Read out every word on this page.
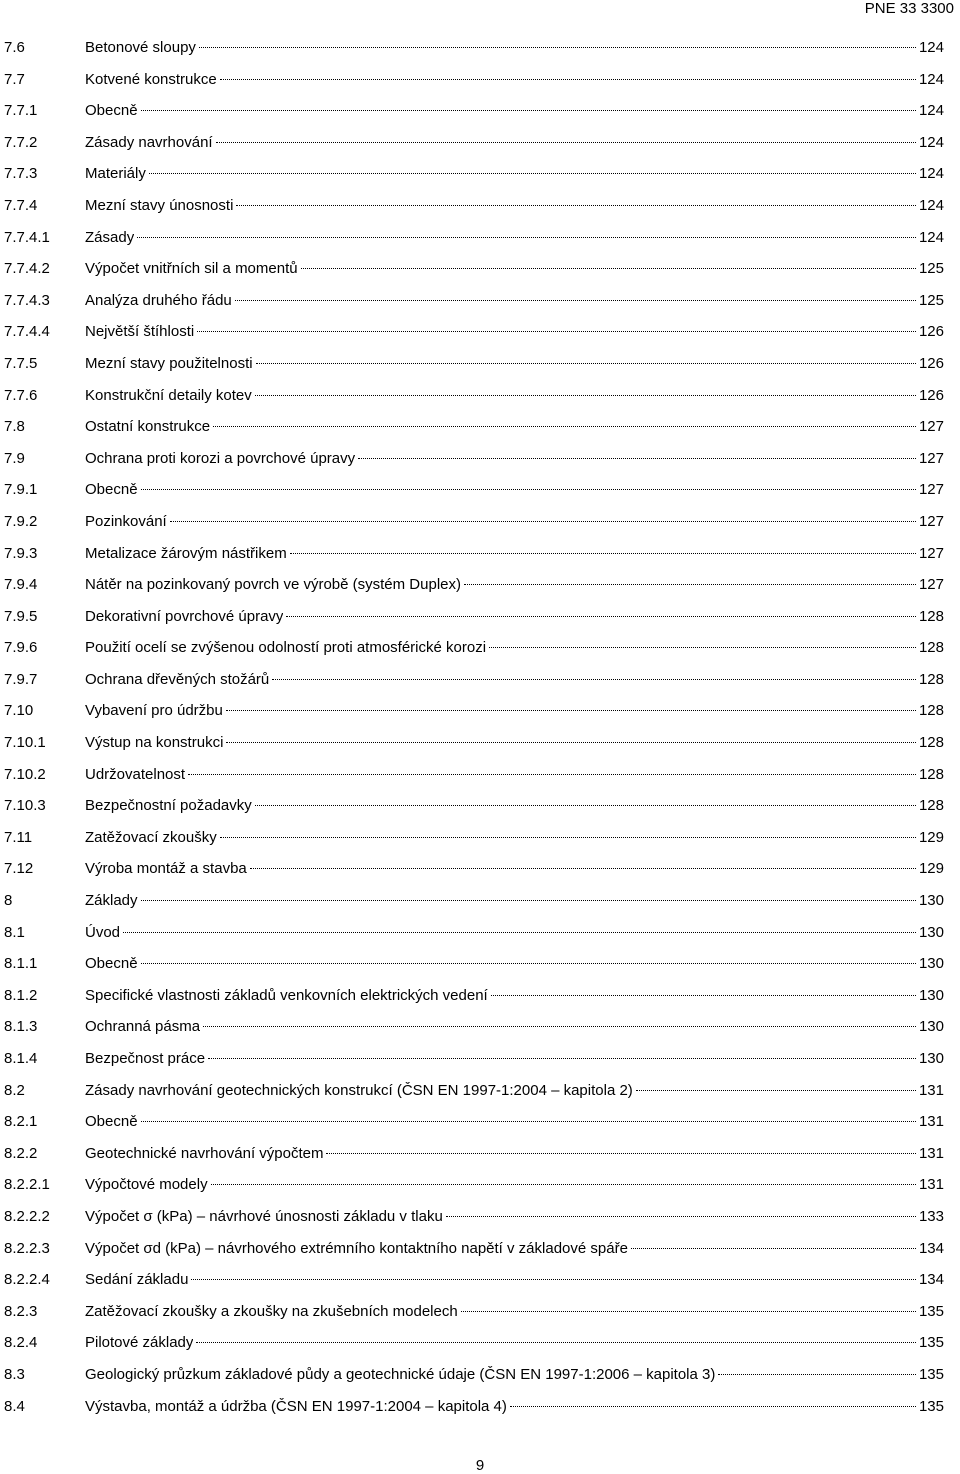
PNE 33 3300
7.6	Betonové sloupy	124
7.7	Kotvené konstrukce	124
7.7.1	Obecně	124
7.7.2	Zásady navrhování	124
7.7.3	Materiály	124
7.7.4	Mezní stavy únosnosti	124
7.7.4.1 Zásady	124
7.7.4.2 Výpočet vnitřních sil a momentů	125
7.7.4.3 Analýza druhého řádu	125
7.7.4.4 Největší štíhlosti	126
7.7.5	Mezní stavy použitelnosti	126
7.7.6	Konstrukční detaily kotev	126
7.8	Ostatní konstrukce	127
7.9	Ochrana proti korozi a povrchové úpravy	127
7.9.1	Obecně	127
7.9.2	Pozinkování	127
7.9.3	Metalizace žárovým nástřikem	127
7.9.4	Nátěr na pozinkovaný povrch ve výrobě (systém Duplex)	127
7.9.5	Dekorativní povrchové úpravy	128
7.9.6	Použití ocelí se zvýšenou odolností proti atmosférické korozi	128
7.9.7	Ochrana dřevěných stožárů	128
7.10	Vybavení pro údržbu	128
7.10.1	Výstup na konstrukci	128
7.10.2	Udržovatelnost	128
7.10.3	Bezpečnostní požadavky	128
7.11	Zatěžovací zkoušky	129
7.12	Výroba montáž a stavba	129
8	Základy	130
8.1	Úvod	130
8.1.1	Obecně	130
8.1.2	Specifické vlastnosti základů venkovních elektrických vedení	130
8.1.3	Ochranná pásma	130
8.1.4	Bezpečnost práce	130
8.2	Zásady navrhování geotechnických konstrukcí (ČSN EN 1997-1:2004 – kapitola 2)	131
8.2.1	Obecně	131
8.2.2	Geotechnické navrhování výpočtem	131
8.2.2.1 Výpočtové modely	131
8.2.2.2 Výpočet σ (kPa) – návrhové únosnosti základu v tlaku	133
8.2.2.3 Výpočet σd (kPa) – návrhového extrémního kontaktního napětí v základové spáře	134
8.2.2.4 Sedání základu	134
8.2.3	Zatěžovací zkoušky a zkoušky na zkušebních modelech	135
8.2.4	Pilotové základy	135
8.3	Geologický průzkum základové půdy a geotechnické údaje (ČSN EN 1997-1:2006 – kapitola 3)	135
8.4	Výstavba, montáž a údržba (ČSN EN 1997-1:2004 – kapitola 4)	135
9
